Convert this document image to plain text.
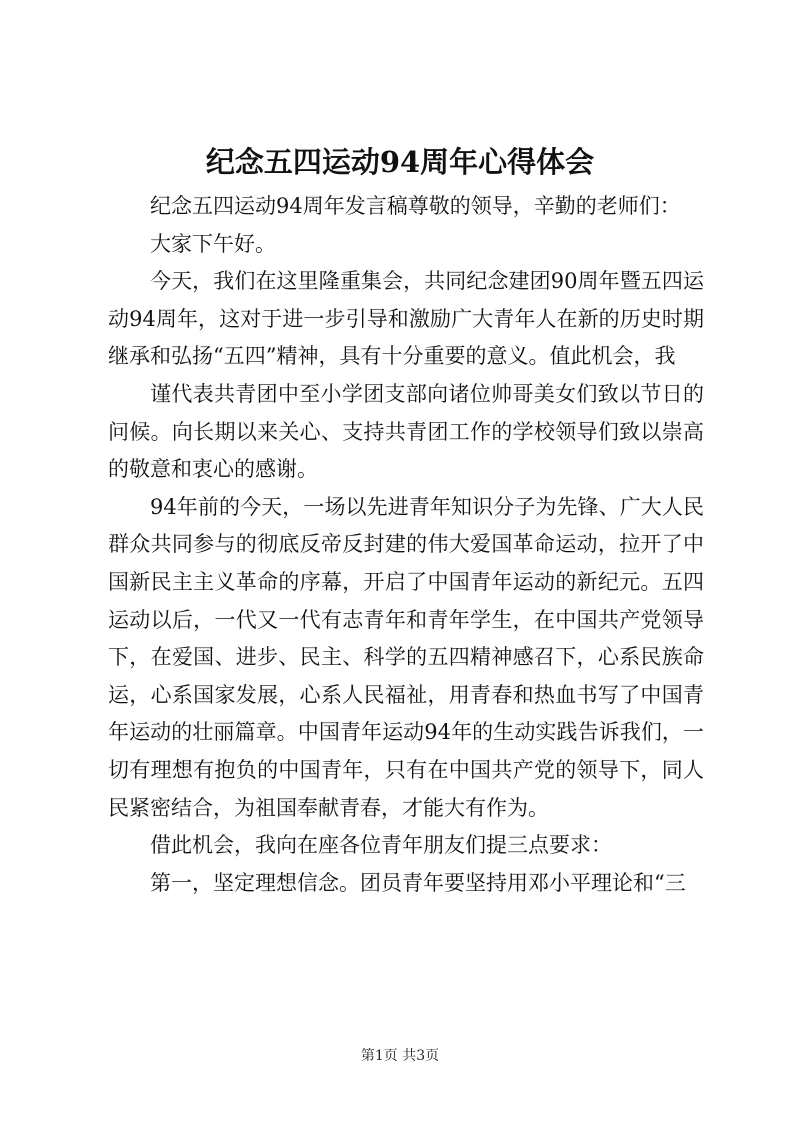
纪念五四运动94周年心得体会

纪念五四运动94周年发言稿尊敬的领导，辛勤的老师们：

大家下午好。

今天，我们在这里隆重集会，共同纪念建团90周年暨五四运动94周年，这对于进一步引导和激励广大青年人在新的历史时期继承和弘扬“五四”精神，具有十分重要的意义。值此机会，我

谨代表共青团中至小学团支部向诸位帅哥美女们致以节日的问候。向长期以来关心、支持共青团工作的学校领导们致以崇高的敬意和衷心的感谢。

94年前的今天，一场以先进青年知识分子为先锋、广大人民群众共同参与的彻底反帝反封建的伟大爱国革命运动，拉开了中国新民主主义革命的序幕，开启了中国青年运动的新纪元。五四运动以后，一代又一代有志青年和青年学生，在中国共产党领导下，在爱国、进步、民主、科学的五四精神感召下，心系民族命运，心系国家发展，心系人民福祉，用青春和热血书写了中国青年运动的壮丽篇章。中国青年运动94年的生动实践告诉我们，一切有理想有抱负的中国青年，只有在中国共产党的领导下，同人民紧密结合，为祖国奉献青春，才能大有作为。

借此机会，我向在座各位青年朋友们提三点要求：

第一，坚定理想信念。团员青年要坚持用邓小平理论和“三

第1页 共3页
